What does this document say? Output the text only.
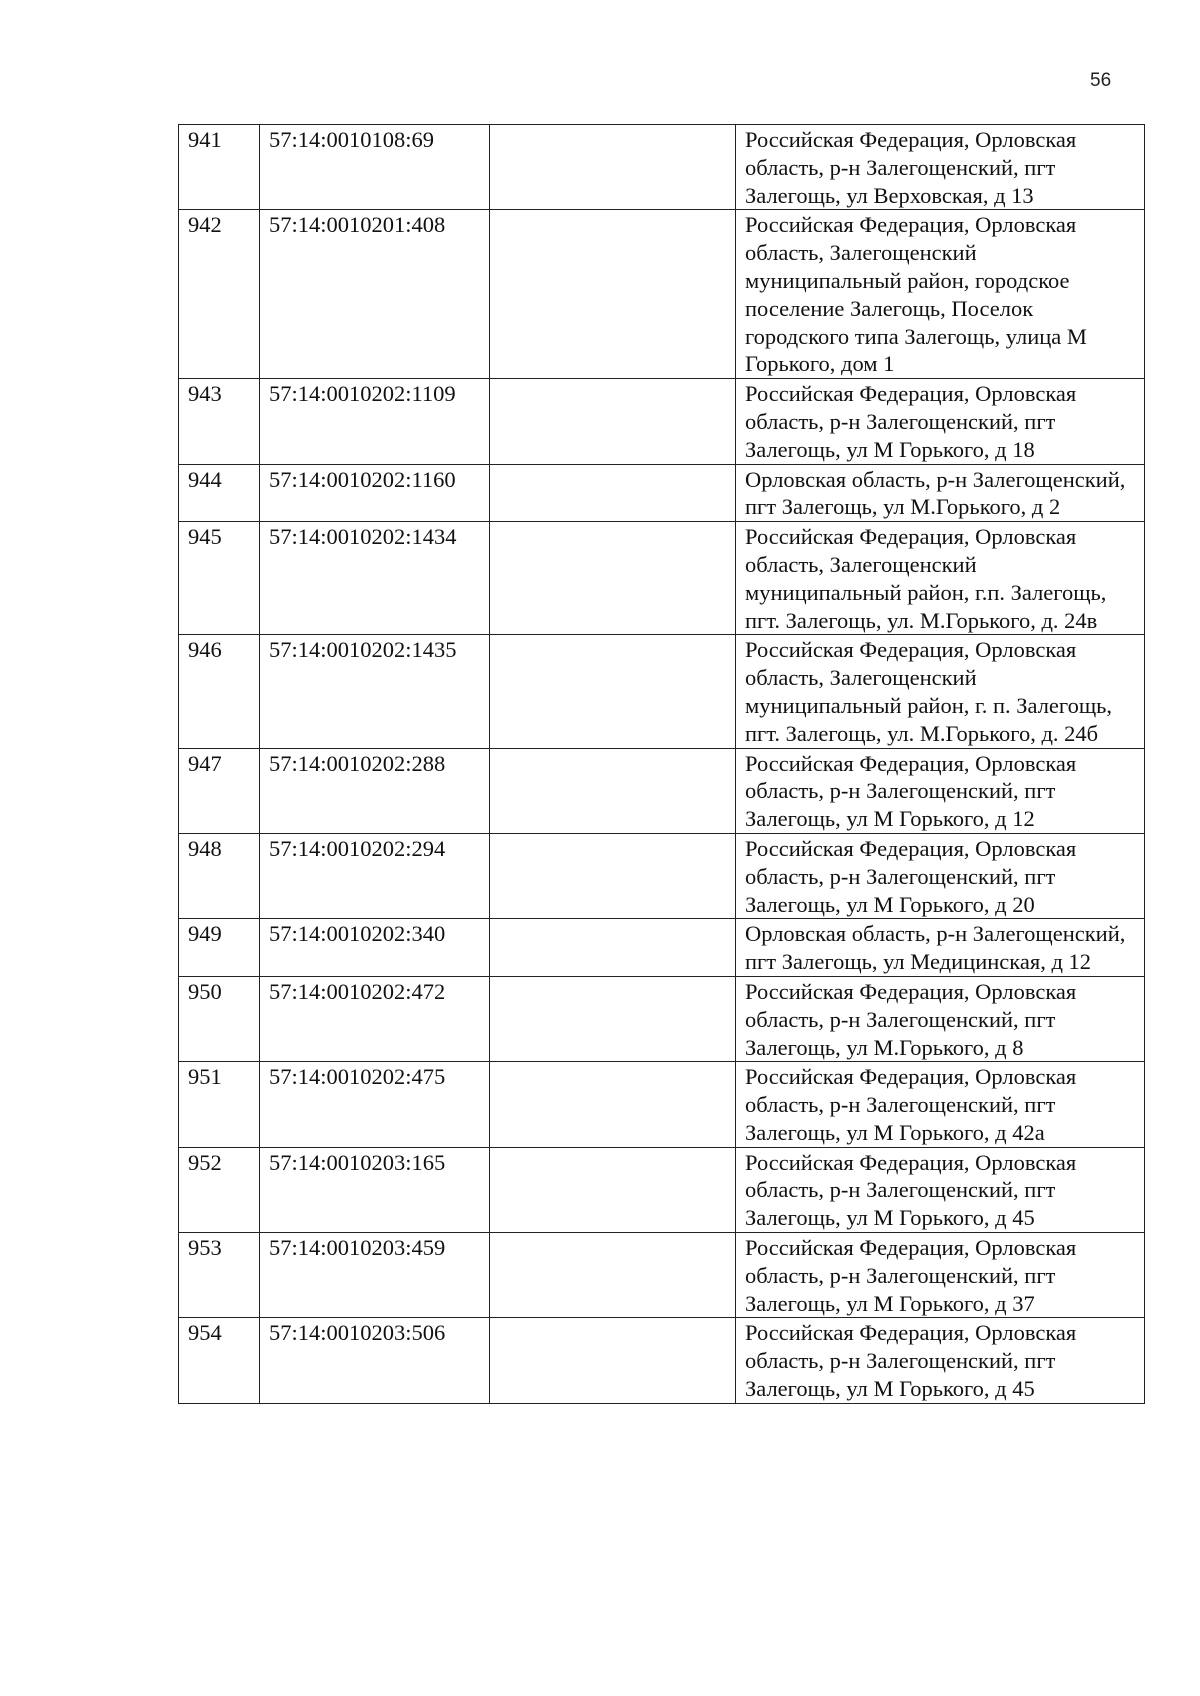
56
941	57:14:0010108:69		Российская Федерация, Орловская область, р-н Залегощенский, пгт Залегощь, ул Верховская, д 13
942	57:14:0010201:408		Российская Федерация, Орловская область, Залегощенский муниципальный район, городское поселение Залегощь, Поселок городского типа Залегощь, улица М Горького, дом 1
943	57:14:0010202:1109		Российская Федерация, Орловская область, р-н Залегощенский, пгт Залегощь, ул М Горького, д 18
944	57:14:0010202:1160		Орловская область, р-н Залегощенский, пгт Залегощь, ул М.Горького, д 2
945	57:14:0010202:1434		Российская Федерация, Орловская область, Залегощенский муниципальный район, г.п. Залегощь, пгт. Залегощь, ул. М.Горького, д. 24в
946	57:14:0010202:1435		Российская Федерация, Орловская область, Залегощенский муниципальный район, г. п. Залегощь, пгт. Залегощь, ул. М.Горького, д. 24б
947	57:14:0010202:288		Российская Федерация, Орловская область, р-н Залегощенский, пгт Залегощь, ул М Горького, д 12
948	57:14:0010202:294		Российская Федерация, Орловская область, р-н Залегощенский, пгт Залегощь, ул М Горького, д 20
949	57:14:0010202:340		Орловская область, р-н Залегощенский, пгт Залегощь, ул Медицинская, д 12
950	57:14:0010202:472		Российская Федерация, Орловская область, р-н Залегощенский, пгт Залегощь, ул М.Горького, д 8
951	57:14:0010202:475		Российская Федерация, Орловская область, р-н Залегощенский, пгт Залегощь, ул М Горького, д 42а
952	57:14:0010203:165		Российская Федерация, Орловская область, р-н Залегощенский, пгт Залегощь, ул М Горького, д 45
953	57:14:0010203:459		Российская Федерация, Орловская область, р-н Залегощенский, пгт Залегощь, ул М Горького, д 37
954	57:14:0010203:506		Российская Федерация, Орловская область, р-н Залегощенский, пгт Залегощь, ул М Горького, д 45
